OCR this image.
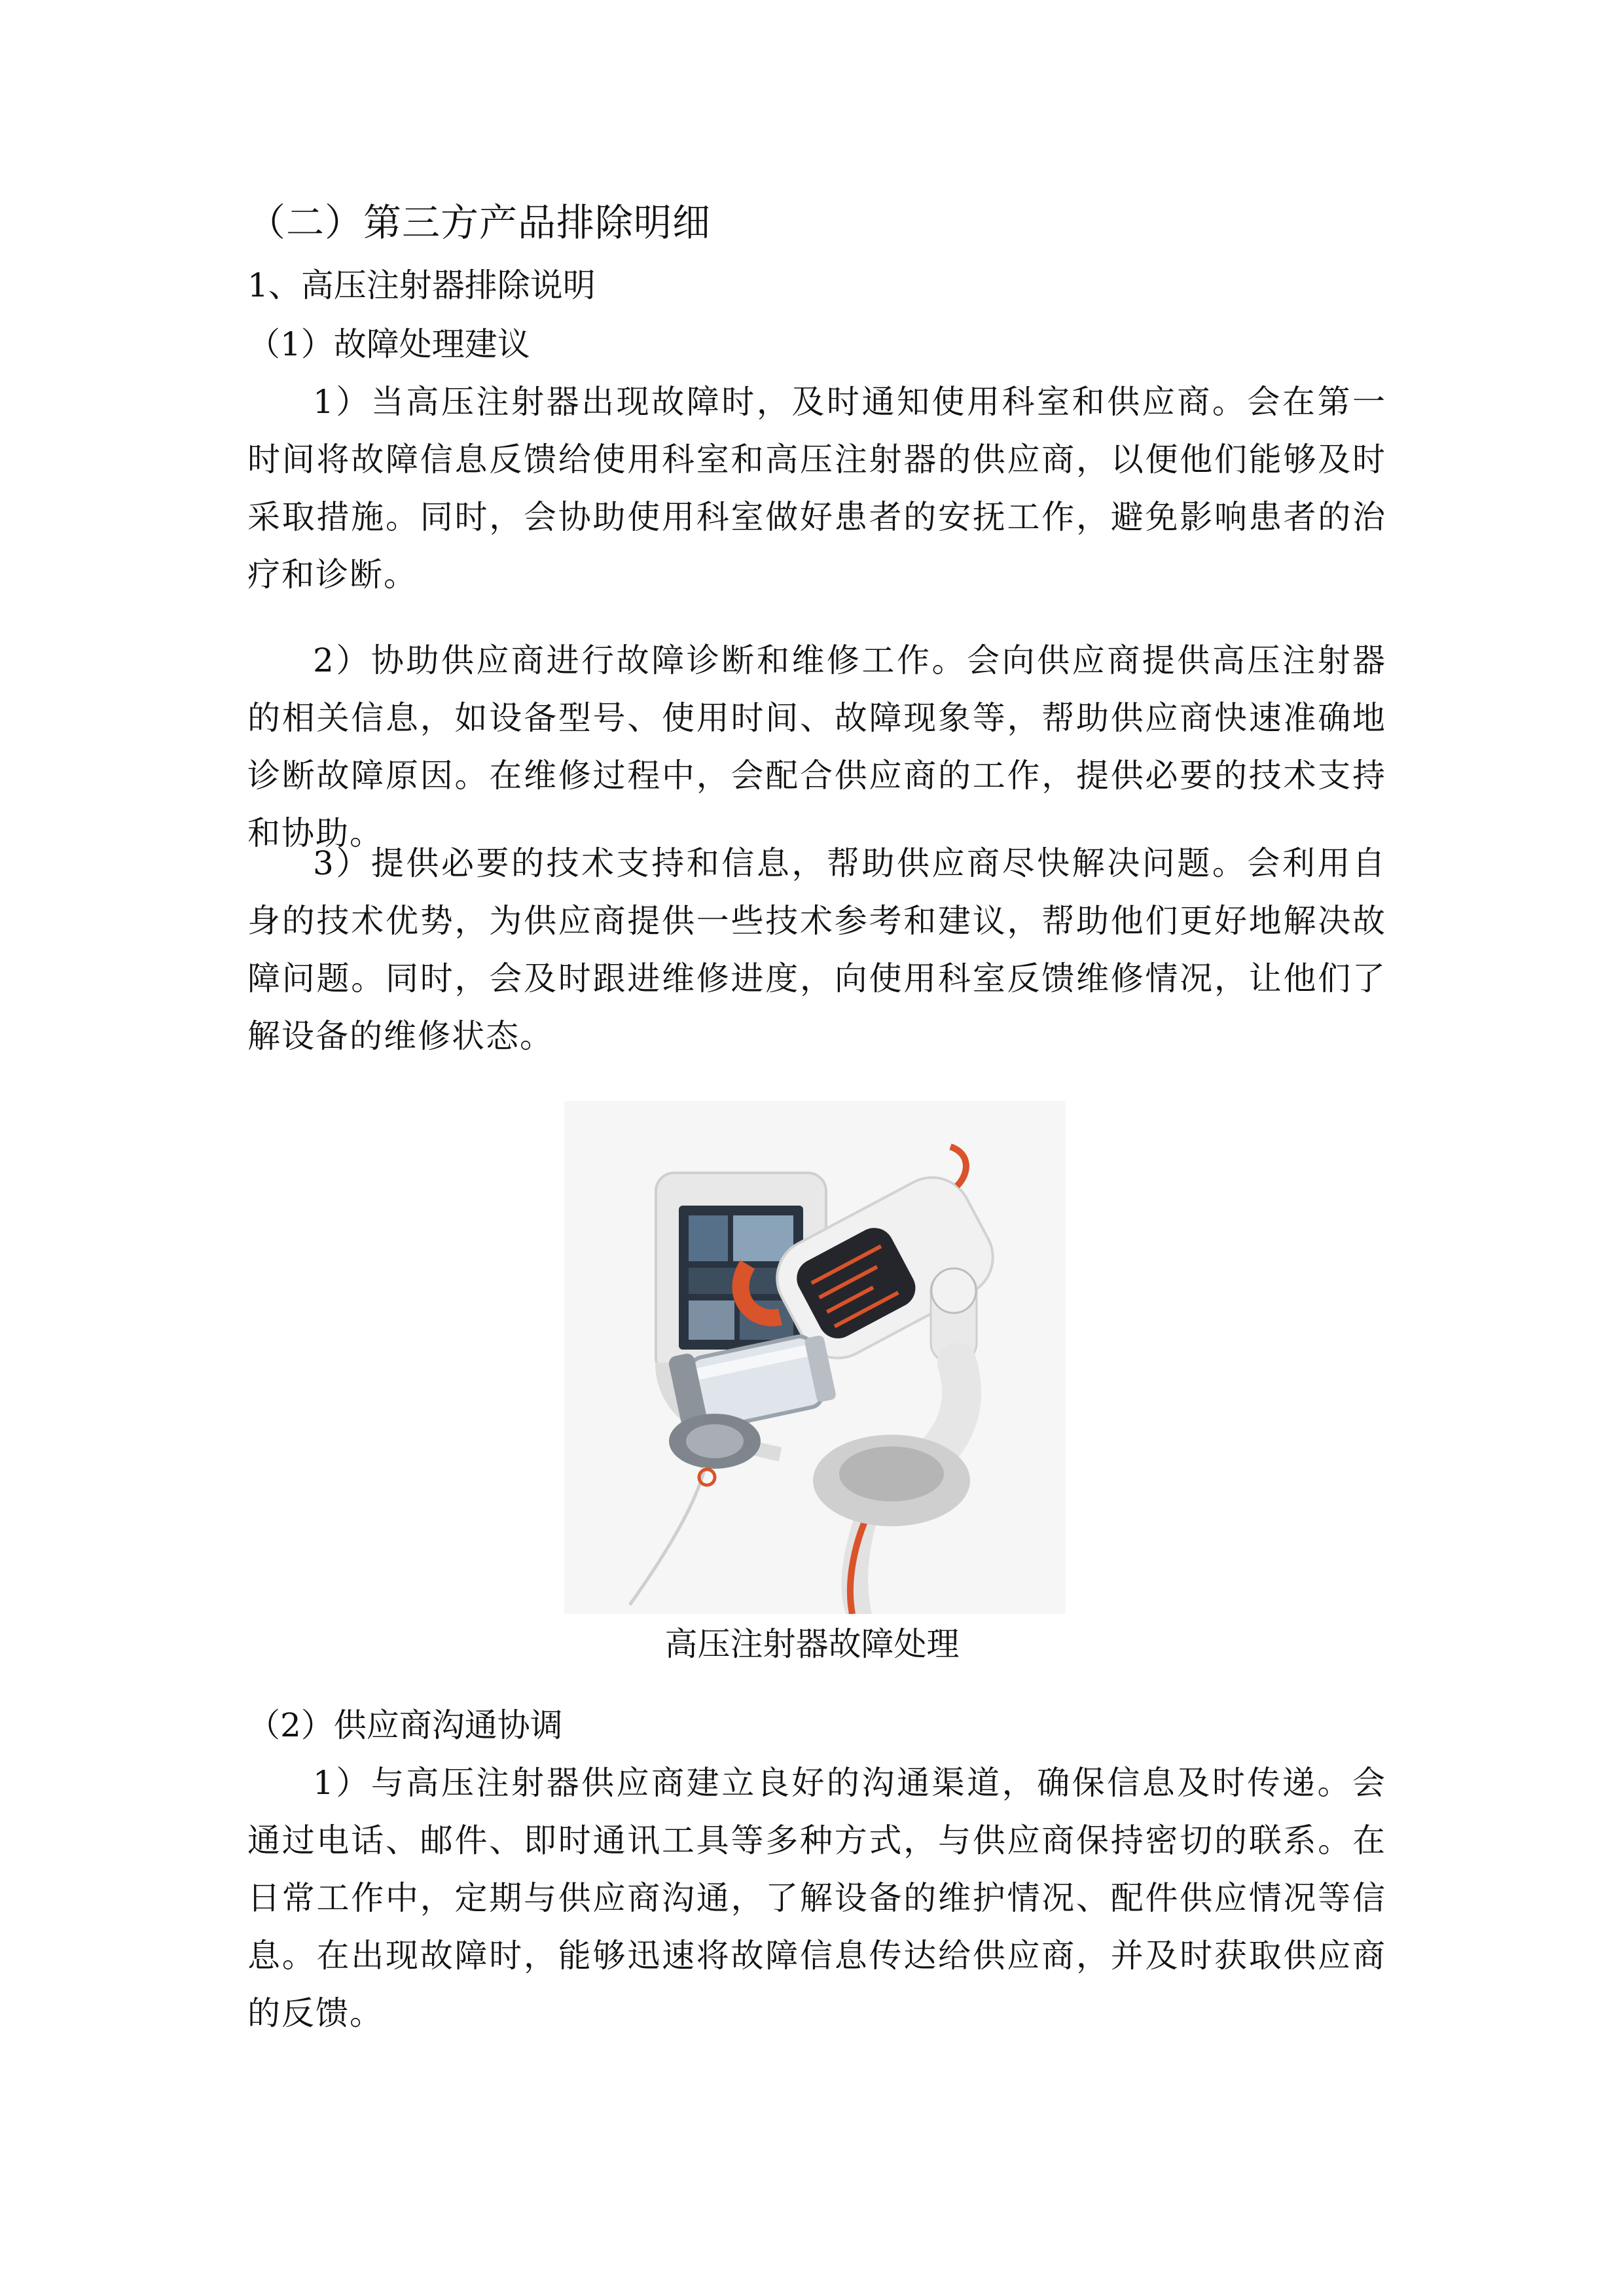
（二）第三方产品排除明细
1、高压注射器排除说明
（1）故障处理建议

1）当高压注射器出现故障时，及时通知使用科室和供应商。会在第一时间将故障信息反馈给使用科室和高压注射器的供应商，以便他们能够及时采取措施。同时，会协助使用科室做好患者的安抚工作，避免影响患者的治疗和诊断。

2）协助供应商进行故障诊断和维修工作。会向供应商提供高压注射器的相关信息，如设备型号、使用时间、故障现象等，帮助供应商快速准确地诊断故障原因。在维修过程中，会配合供应商的工作，提供必要的技术支持和协助。

3）提供必要的技术支持和信息，帮助供应商尽快解决问题。会利用自身的技术优势，为供应商提供一些技术参考和建议，帮助他们更好地解决故障问题。同时，会及时跟进维修进度，向使用科室反馈维修情况，让他们了解设备的维修状态。

高压注射器故障处理

（2）供应商沟通协调

1）与高压注射器供应商建立良好的沟通渠道，确保信息及时传递。会通过电话、邮件、即时通讯工具等多种方式，与供应商保持密切的联系。在日常工作中，定期与供应商沟通，了解设备的维护情况、配件供应情况等信息。在出现故障时，能够迅速将故障信息传达给供应商，并及时获取供应商的反馈。
